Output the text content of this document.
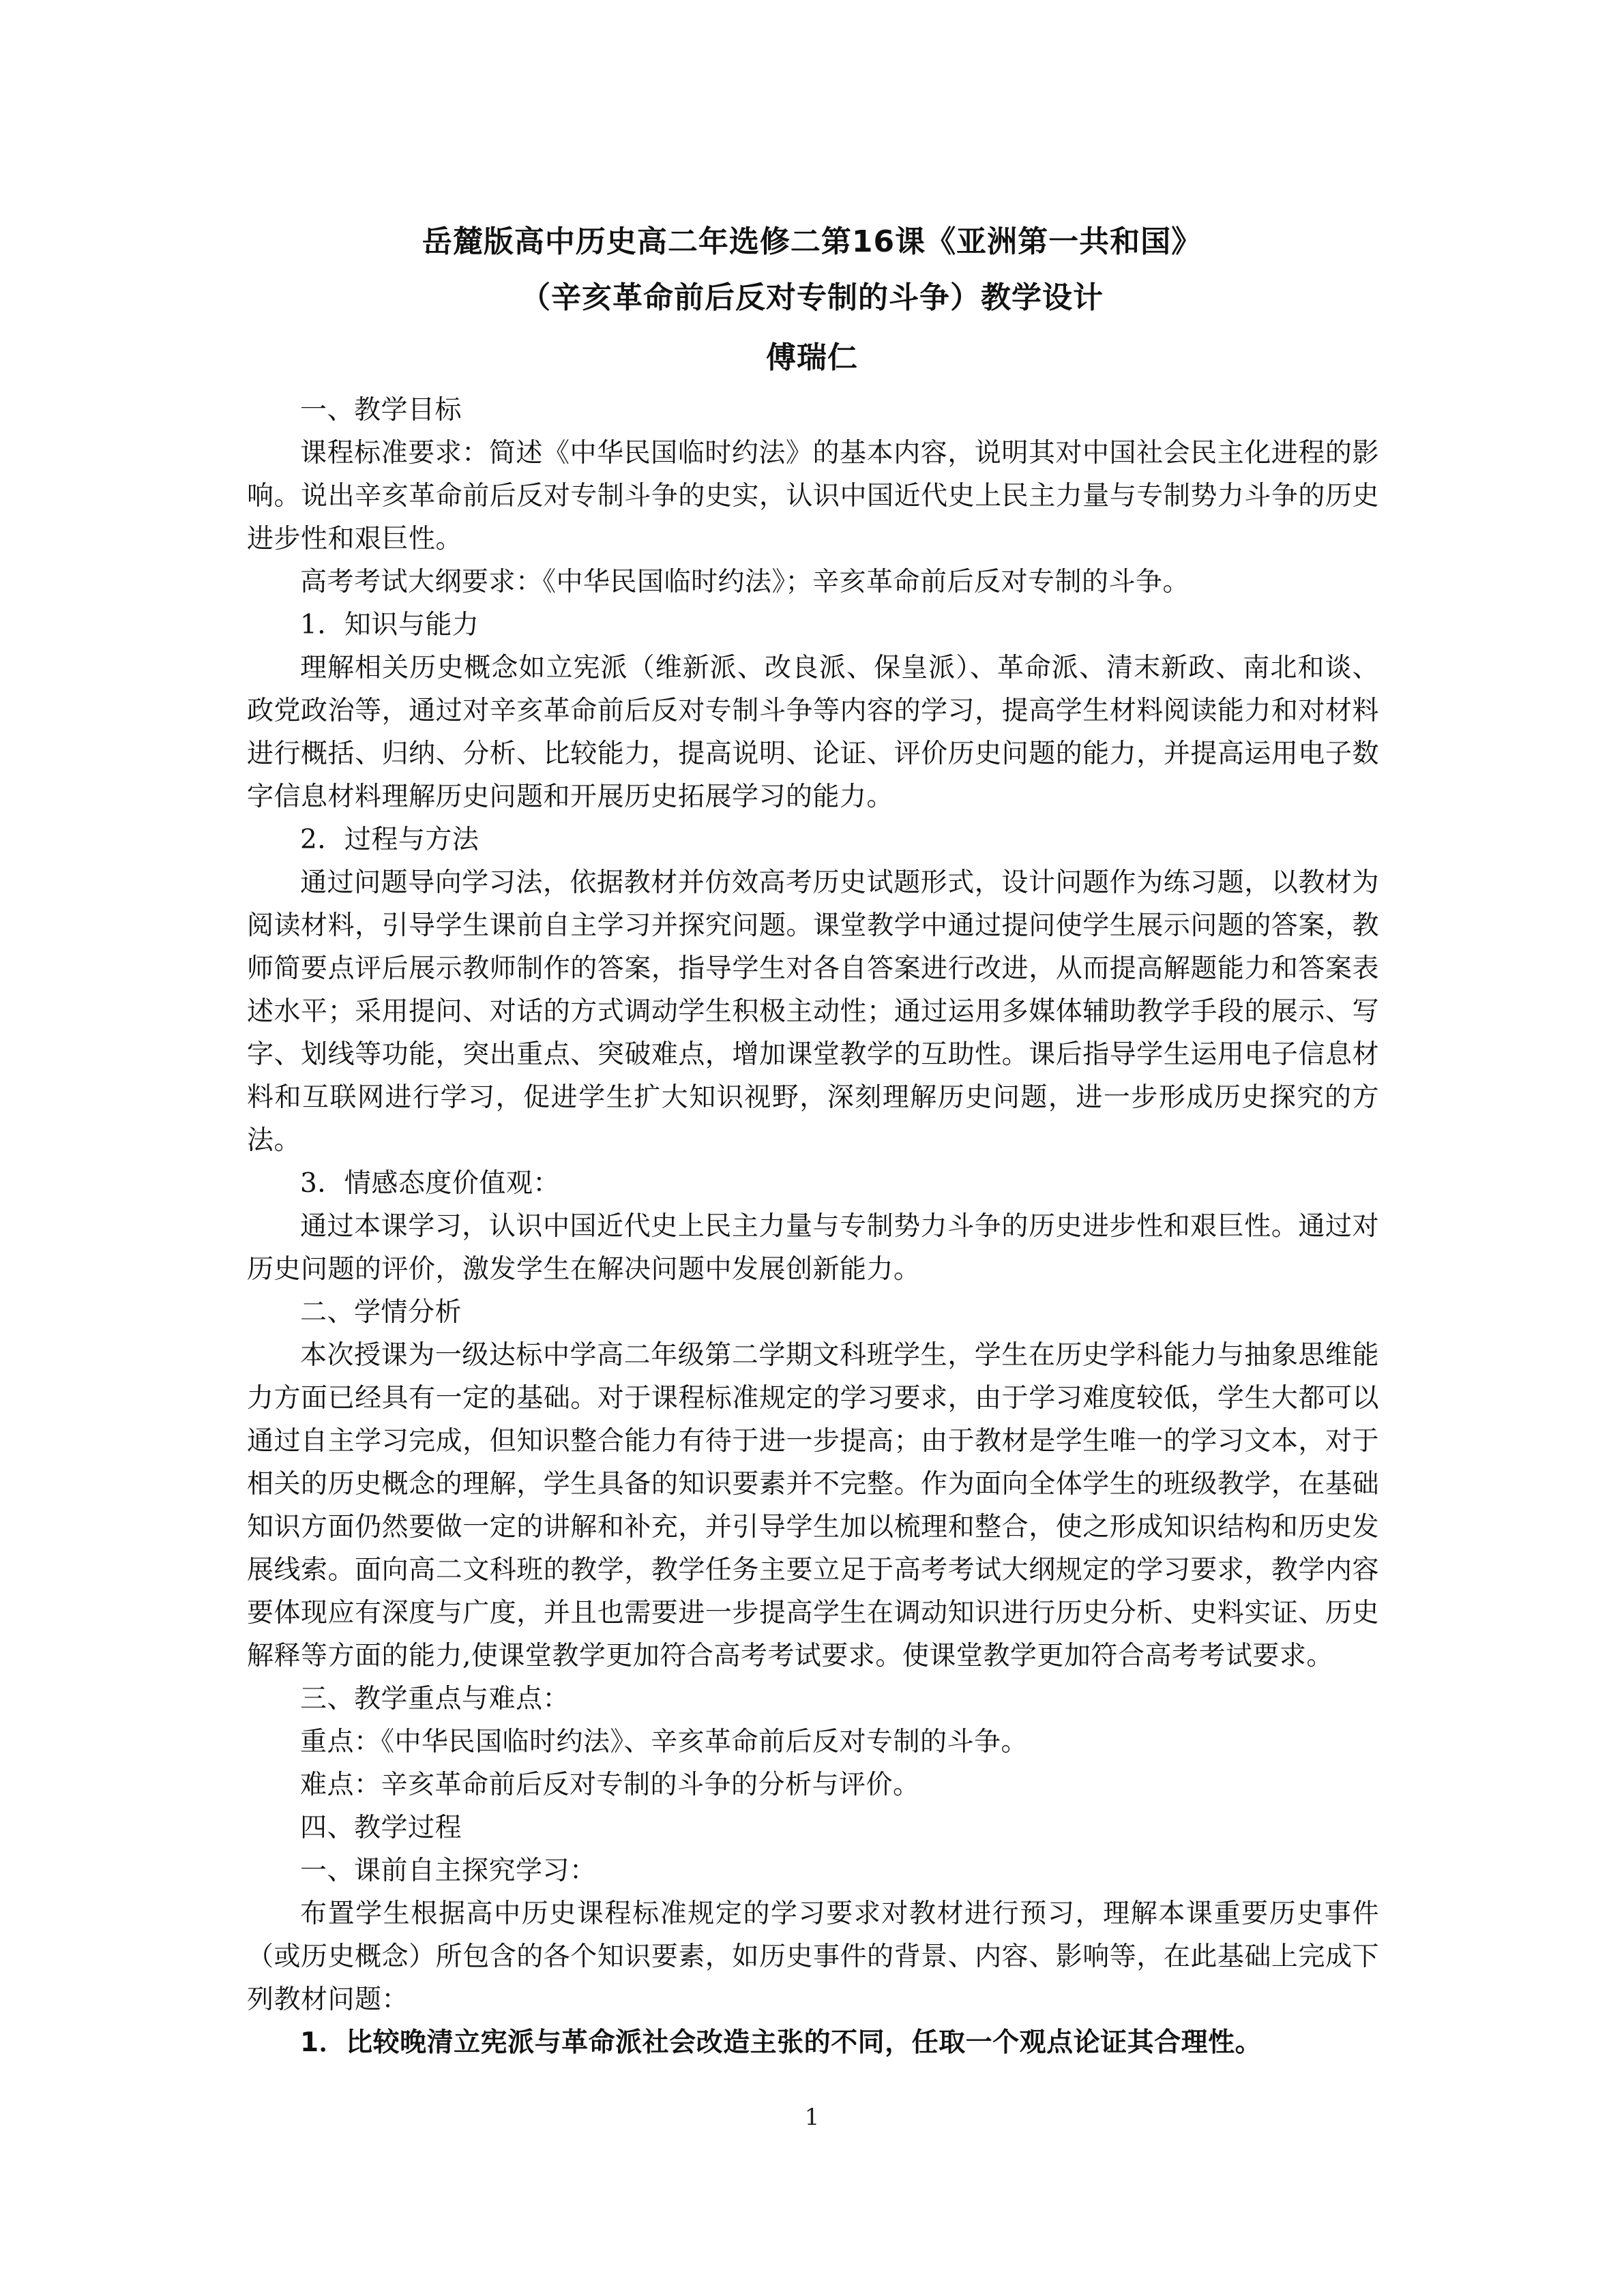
岳麓版高中历史高二年选修二第16课《亚洲第一共和国》
（辛亥革命前后反对专制的斗争）教学设计
傅瑞仁

一、教学目标

课程标准要求：简述《中华民国临时约法》的基本内容，说明其对中国社会民主化进程的影响。说出辛亥革命前后反对专制斗争的史实，认识中国近代史上民主力量与专制势力斗争的历史进步性和艰巨性。

高考考试大纲要求：《中华民国临时约法》；辛亥革命前后反对专制的斗争。

1．知识与能力

理解相关历史概念如立宪派（维新派、改良派、保皇派）、革命派、清末新政、南北和谈、政党政治等，通过对辛亥革命前后反对专制斗争等内容的学习，提高学生材料阅读能力和对材料进行概括、归纳、分析、比较能力，提高说明、论证、评价历史问题的能力，并提高运用电子数字信息材料理解历史问题和开展历史拓展学习的能力。

2．过程与方法

通过问题导向学习法，依据教材并仿效高考历史试题形式，设计问题作为练习题，以教材为阅读材料，引导学生课前自主学习并探究问题。课堂教学中通过提问使学生展示问题的答案，教师简要点评后展示教师制作的答案，指导学生对各自答案进行改进，从而提高解题能力和答案表述水平；采用提问、对话的方式调动学生积极主动性；通过运用多媒体辅助教学手段的展示、写字、划线等功能，突出重点、突破难点，增加课堂教学的互助性。课后指导学生运用电子信息材料和互联网进行学习，促进学生扩大知识视野，深刻理解历史问题，进一步形成历史探究的方法。

3．情感态度价值观：

通过本课学习，认识中国近代史上民主力量与专制势力斗争的历史进步性和艰巨性。通过对历史问题的评价，激发学生在解决问题中发展创新能力。

二、学情分析

本次授课为一级达标中学高二年级第二学期文科班学生，学生在历史学科能力与抽象思维能力方面已经具有一定的基础。对于课程标准规定的学习要求，由于学习难度较低，学生大都可以通过自主学习完成，但知识整合能力有待于进一步提高；由于教材是学生唯一的学习文本，对于相关的历史概念的理解，学生具备的知识要素并不完整。作为面向全体学生的班级教学，在基础知识方面仍然要做一定的讲解和补充，并引导学生加以梳理和整合，使之形成知识结构和历史发展线索。面向高二文科班的教学，教学任务主要立足于高考考试大纲规定的学习要求，教学内容要体现应有深度与广度，并且也需要进一步提高学生在调动知识进行历史分析、史料实证、历史解释等方面的能力,使课堂教学更加符合高考考试要求。使课堂教学更加符合高考考试要求。

三、教学重点与难点：

重点：《中华民国临时约法》、辛亥革命前后反对专制的斗争。

难点：辛亥革命前后反对专制的斗争的分析与评价。

四、教学过程

一、课前自主探究学习：

布置学生根据高中历史课程标准规定的学习要求对教材进行预习，理解本课重要历史事件（或历史概念）所包含的各个知识要素，如历史事件的背景、内容、影响等，在此基础上完成下列教材问题：

1．比较晚清立宪派与革命派社会改造主张的不同，任取一个观点论证其合理性。

1
